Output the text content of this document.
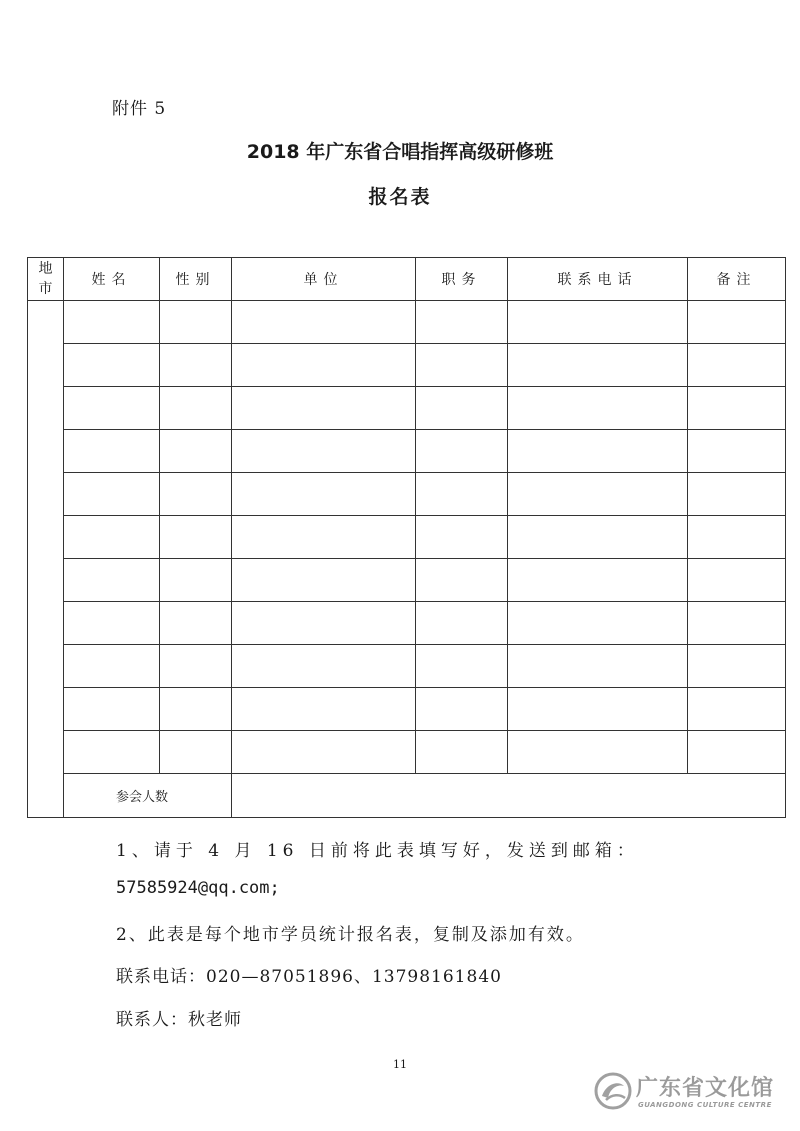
附件 5
2018 年广东省合唱指挥高级研修班
报名表
地
市	姓名	性别	单位	职务	联系电话	备注

	参会人数					
1、请于 4 月 16 日前将此表填写好，发送到邮箱：
57585924@qq.com;
2、此表是每个地市学员统计报名表，复制及添加有效。
联系电话：020—87051896、13798161840
联系人：秋老师
11
广东省文化馆
GUANGDONG CULTURE CENTRE
